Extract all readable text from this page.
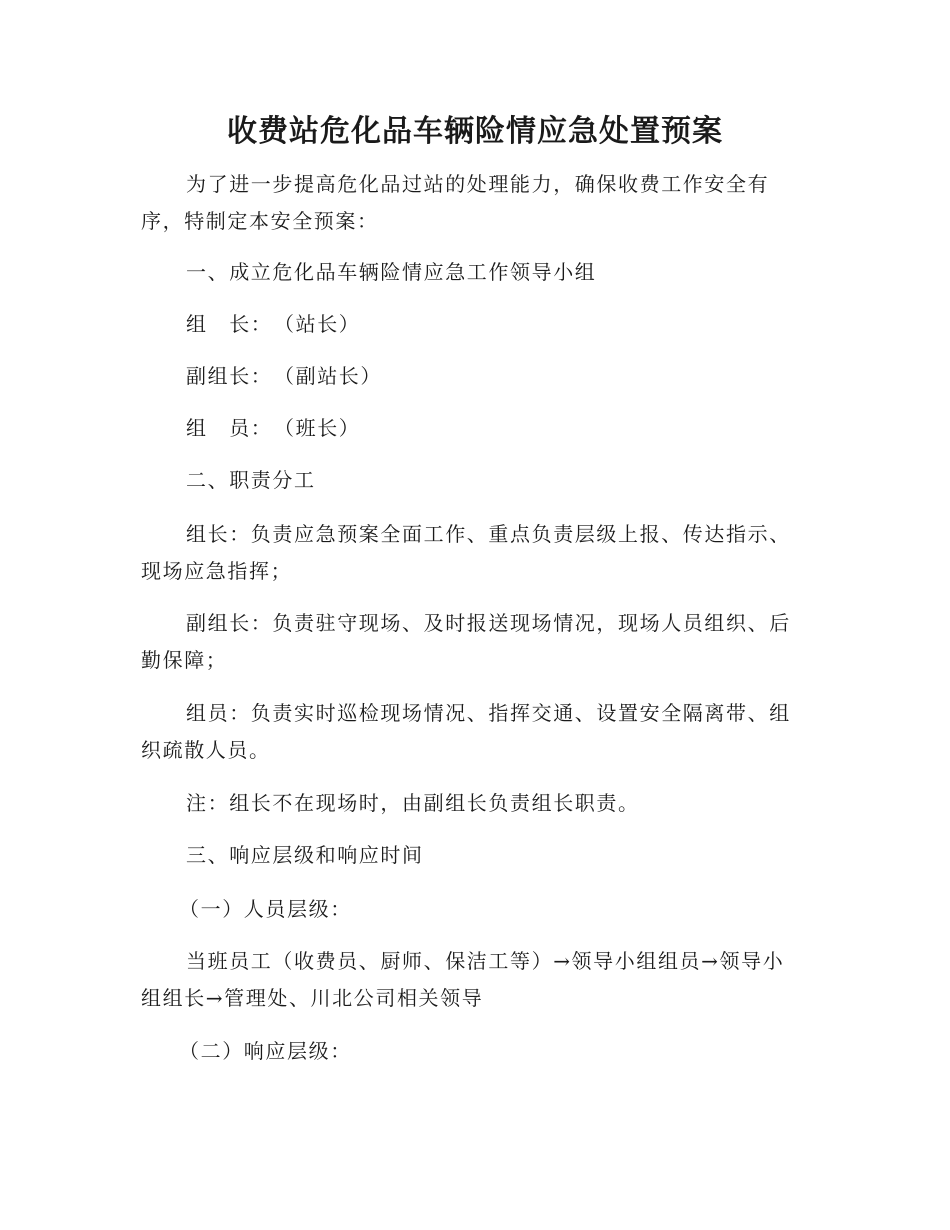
收费站危化品车辆险情应急处置预案

为了进一步提高危化品过站的处理能力，确保收费工作安全有
序，特制定本安全预案：

一、成立危化品车辆险情应急工作领导小组

组　长：　（站长）

副组长：　（副站长）

组　员：　（班长）

二、职责分工

组长：负责应急预案全面工作、重点负责层级上报、传达指示、
现场应急指挥；

副组长：负责驻守现场、及时报送现场情况，现场人员组织、后
勤保障；

组员：负责实时巡检现场情况、指挥交通、设置安全隔离带、组
织疏散人员。

注：组长不在现场时，由副组长负责组长职责。

三、响应层级和响应时间

（一）人员层级：

当班员工（收费员、厨师、保洁工等）→领导小组组员→领导小
组组长→管理处、川北公司相关领导

（二）响应层级：
